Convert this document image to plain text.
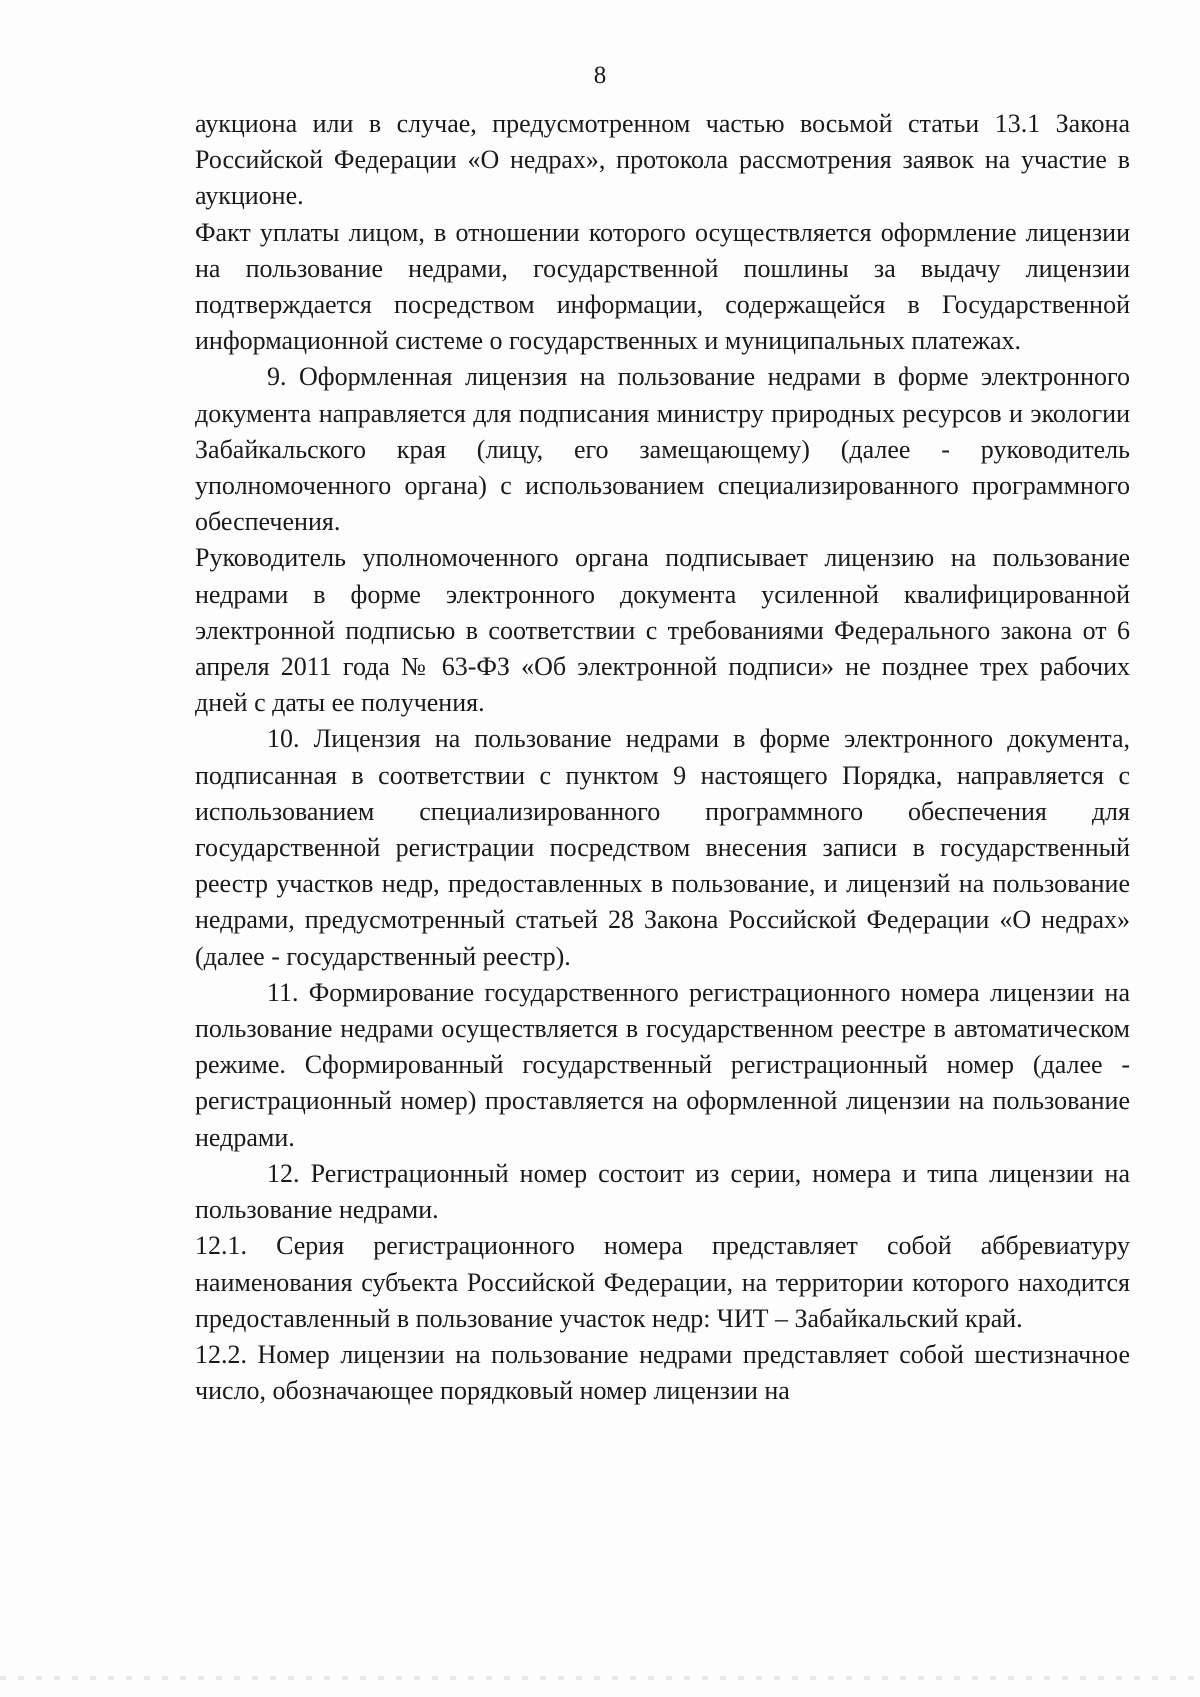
8

аукциона или в случае, предусмотренном частью восьмой статьи 13.1 Закона Российской Федерации «О недрах», протокола рассмотрения заявок на участие в аукционе.

Факт уплаты лицом, в отношении которого осуществляется оформление лицензии на пользование недрами, государственной пошлины за выдачу лицензии подтверждается посредством информации, содержащейся в Государственной информационной системе о государственных и муниципальных платежах.

9. Оформленная лицензия на пользование недрами в форме электронного документа направляется для подписания министру природных ресурсов и экологии Забайкальского края (лицу, его замещающему) (далее - руководитель уполномоченного органа) с использованием специализированного программного обеспечения.

Руководитель уполномоченного органа подписывает лицензию на пользование недрами в форме электронного документа усиленной квалифицированной электронной подписью в соответствии с требованиями Федерального закона от 6 апреля 2011 года № 63-ФЗ «Об электронной подписи» не позднее трех рабочих дней с даты ее получения.

10. Лицензия на пользование недрами в форме электронного документа, подписанная в соответствии с пунктом 9 настоящего Порядка, направляется с использованием специализированного программного обеспечения для государственной регистрации посредством внесения записи в государственный реестр участков недр, предоставленных в пользование, и лицензий на пользование недрами, предусмотренный статьей 28 Закона Российской Федерации «О недрах» (далее - государственный реестр).

11. Формирование государственного регистрационного номера лицензии на пользование недрами осуществляется в государственном реестре в автоматическом режиме. Сформированный государственный регистрационный номер (далее - регистрационный номер) проставляется на оформленной лицензии на пользование недрами.

12. Регистрационный номер состоит из серии, номера и типа лицензии на пользование недрами.

12.1. Серия регистрационного номера представляет собой аббревиатуру наименования субъекта Российской Федерации, на территории которого находится предоставленный в пользование участок недр: ЧИТ – Забайкальский край.

12.2. Номер лицензии на пользование недрами представляет собой шестизначное число, обозначающее порядковый номер лицензии на
